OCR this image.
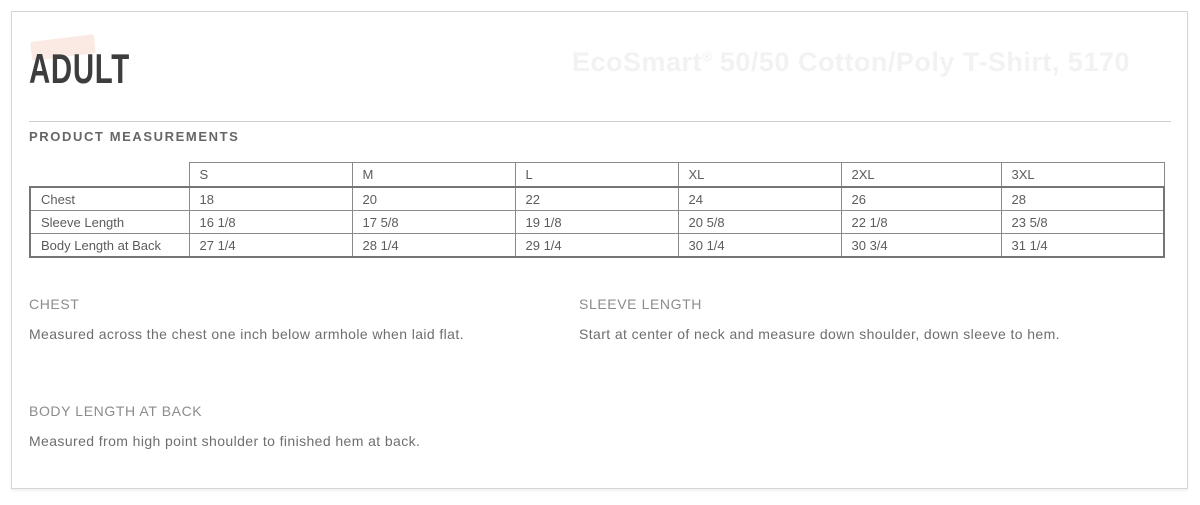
ADULT	EcoSmart® 50/50 Cotton/Poly T-Shirt, 5170
PRODUCT MEASUREMENTS
	S	M	L	XL	2XL	3XL
Chest	18	20	22	24	26	28
Sleeve Length	16 1/8	17 5/8	19 1/8	20 5/8	22 1/8	23 5/8
Body Length at Back	27 1/4	28 1/4	29 1/4	30 1/4	30 3/4	31 1/4

CHEST

Measured across the chest one inch below armhole when laid flat.

SLEEVE LENGTH

Start at center of neck and measure down shoulder, down sleeve to hem.

BODY LENGTH AT BACK

Measured from high point shoulder to finished hem at back.
